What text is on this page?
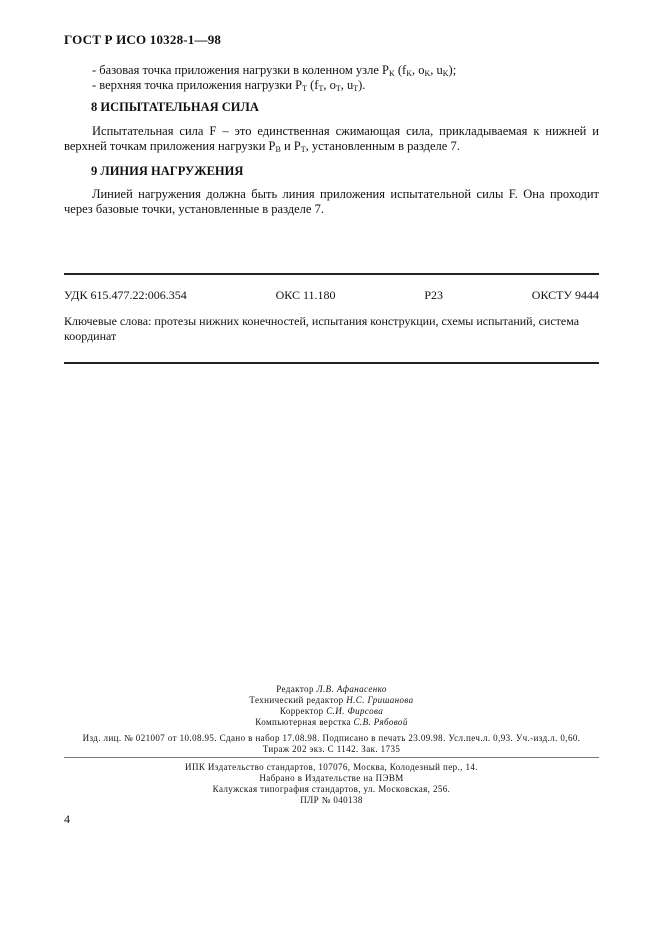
ГОСТ Р ИСО 10328-1—98
- базовая точка приложения нагрузки в коленном узле $P_K$ ($f_K$, $o_K$, $u_K$);
- верхняя точка приложения нагрузки $P_T$ ($f_T$, $o_T$, $u_T$).
8 ИСПЫТАТЕЛЬНАЯ СИЛА
Испытательная сила F – это единственная сжимающая сила, прикладываемая к нижней и верхней точкам приложения нагрузки $P_B$ и $P_T$, установленным в разделе 7.
9 ЛИНИЯ НАГРУЖЕНИЯ
Линией нагружения должна быть линия приложения испытательной силы F. Она проходит через базовые точки, установленные в разделе 7.
УДК 615.477.22:006.354	ОКС 11.180	Р23	ОКСТУ 9444
Ключевые слова: протезы нижних конечностей, испытания конструкции, схемы испытаний, система координат
Редактор Л.В. Афанасенко
Технический редактор Н.С. Гришанова
Корректор С.И. Фирсова
Компьютерная верстка С.В. Рябовой
Изд. лиц. № 021007 от 10.08.95. Сдано в набор 17.08.98. Подписано в печать 23.09.98. Усл.печ.л. 0,93. Уч.-изд.л. 0,60.
Тираж 202 экз. С 1142. Зак. 1735
ИПК Издательство стандартов, 107076, Москва, Колодезный пер., 14.
Набрано в Издательстве на ПЭВМ
Калужская типография стандартов, ул. Московская, 256.
ПЛР № 040138
4
